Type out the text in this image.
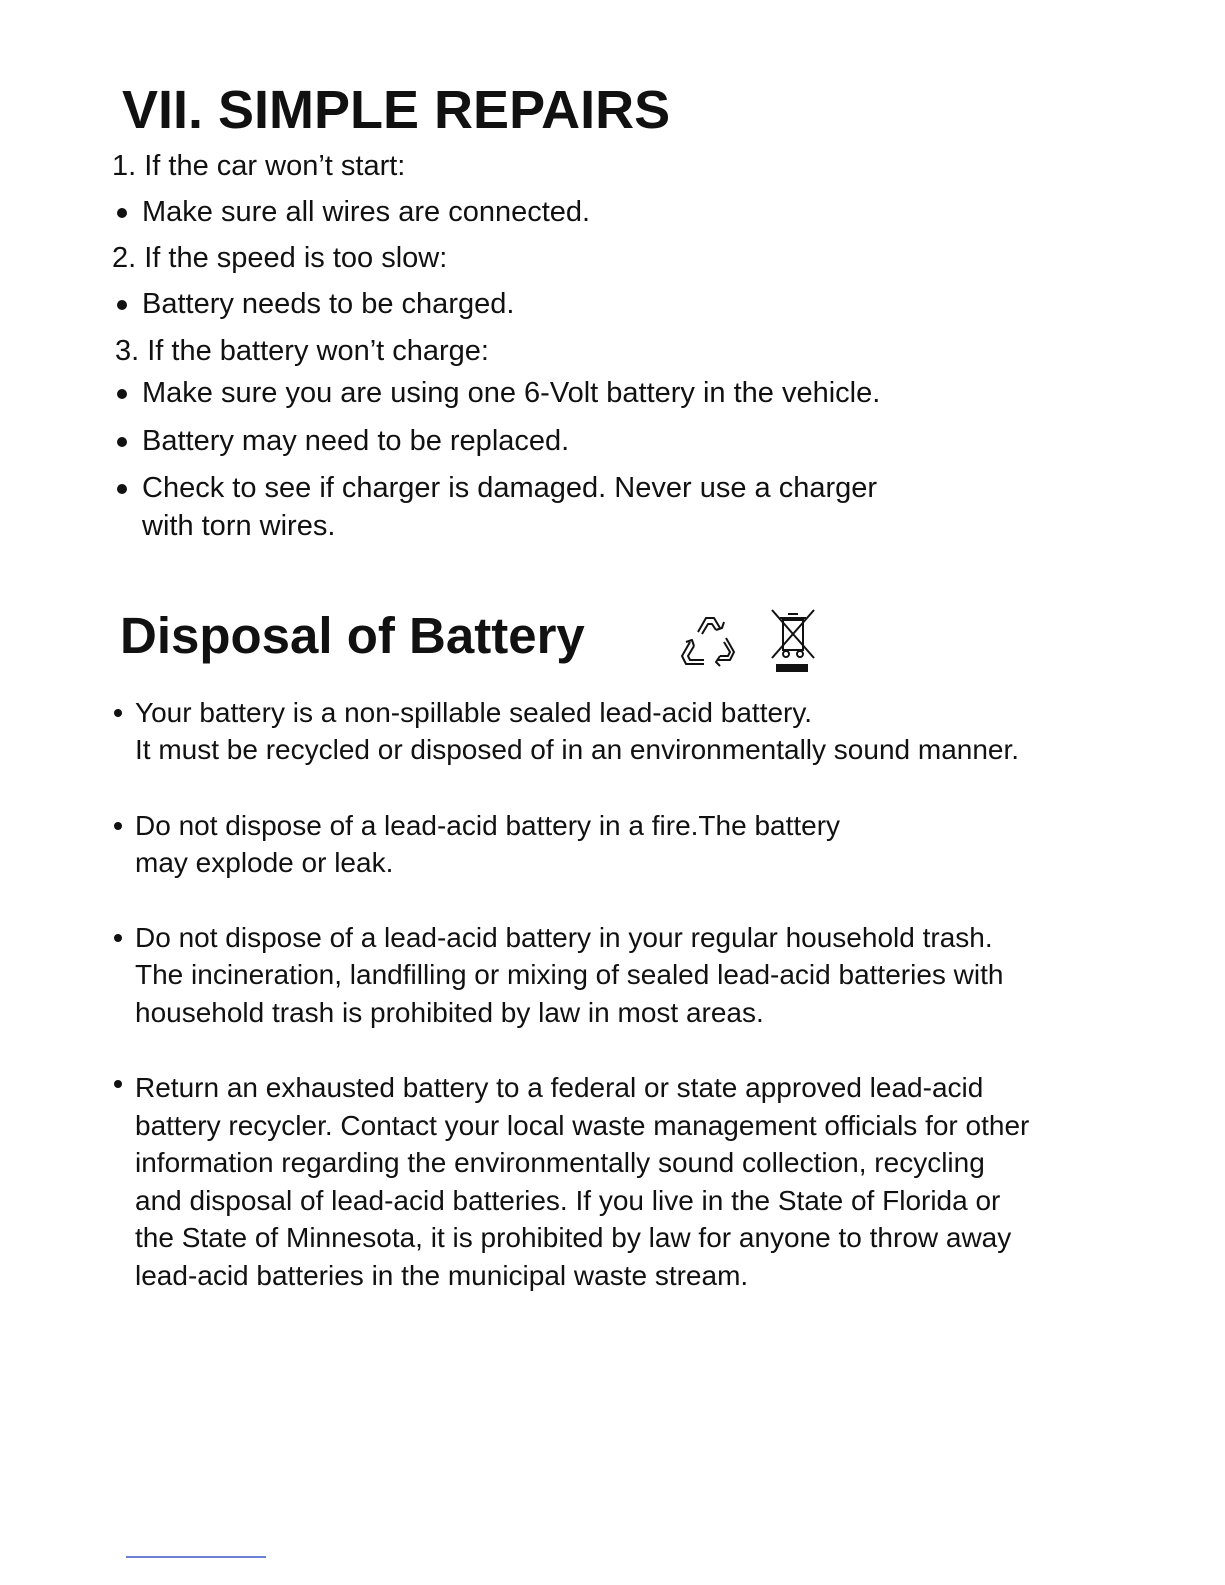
VII. SIMPLE REPAIRS
1. If the car won’t start:
Make sure all wires are connected.
2. If the speed is too slow:
Battery needs to be charged.
3. If the battery won’t charge:
Make sure you are using one 6-Volt battery in the vehicle.
Battery may need to be replaced.
Check to see if charger is damaged. Never use a charger
with torn wires.
Disposal of Battery
Your battery is a non-spillable sealed lead-acid battery.
It must be recycled or disposed of in an environmentally sound manner.
Do not dispose of a lead-acid battery in a fire.The battery
may explode or leak.
Do not dispose of a lead-acid battery in your regular household trash.
The incineration, landfilling or mixing of sealed lead-acid batteries with
household trash is prohibited by law in most areas.
Return an exhausted battery to a federal or state approved lead-acid
battery recycler. Contact your local waste management officials for other
information regarding the environmentally sound collection, recycling
and disposal of lead-acid batteries. If you live in the State of Florida or
the State of Minnesota, it is prohibited by law for anyone to throw away
lead-acid batteries in the municipal waste stream.
